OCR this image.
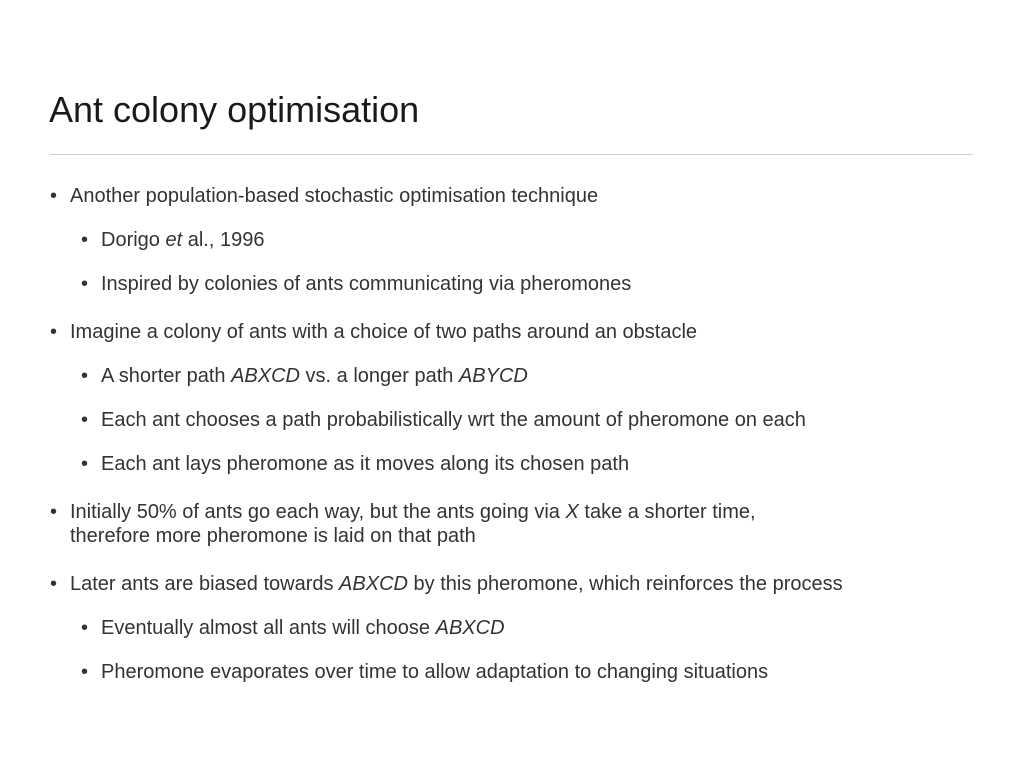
Ant colony optimisation
• Another population-based stochastic optimisation technique
• Dorigo et al., 1996
• Inspired by colonies of ants communicating via pheromones
• Imagine a colony of ants with a choice of two paths around an obstacle
• A shorter path ABXCD vs. a longer path ABYCD
• Each ant chooses a path probabilistically wrt the amount of pheromone on each
• Each ant lays pheromone as it moves along its chosen path
• Initially 50% of ants go each way, but the ants going via X take a shorter time,
therefore more pheromone is laid on that path
• Later ants are biased towards ABXCD by this pheromone, which reinforces the process
• Eventually almost all ants will choose ABXCD
• Pheromone evaporates over time to allow adaptation to changing situations
